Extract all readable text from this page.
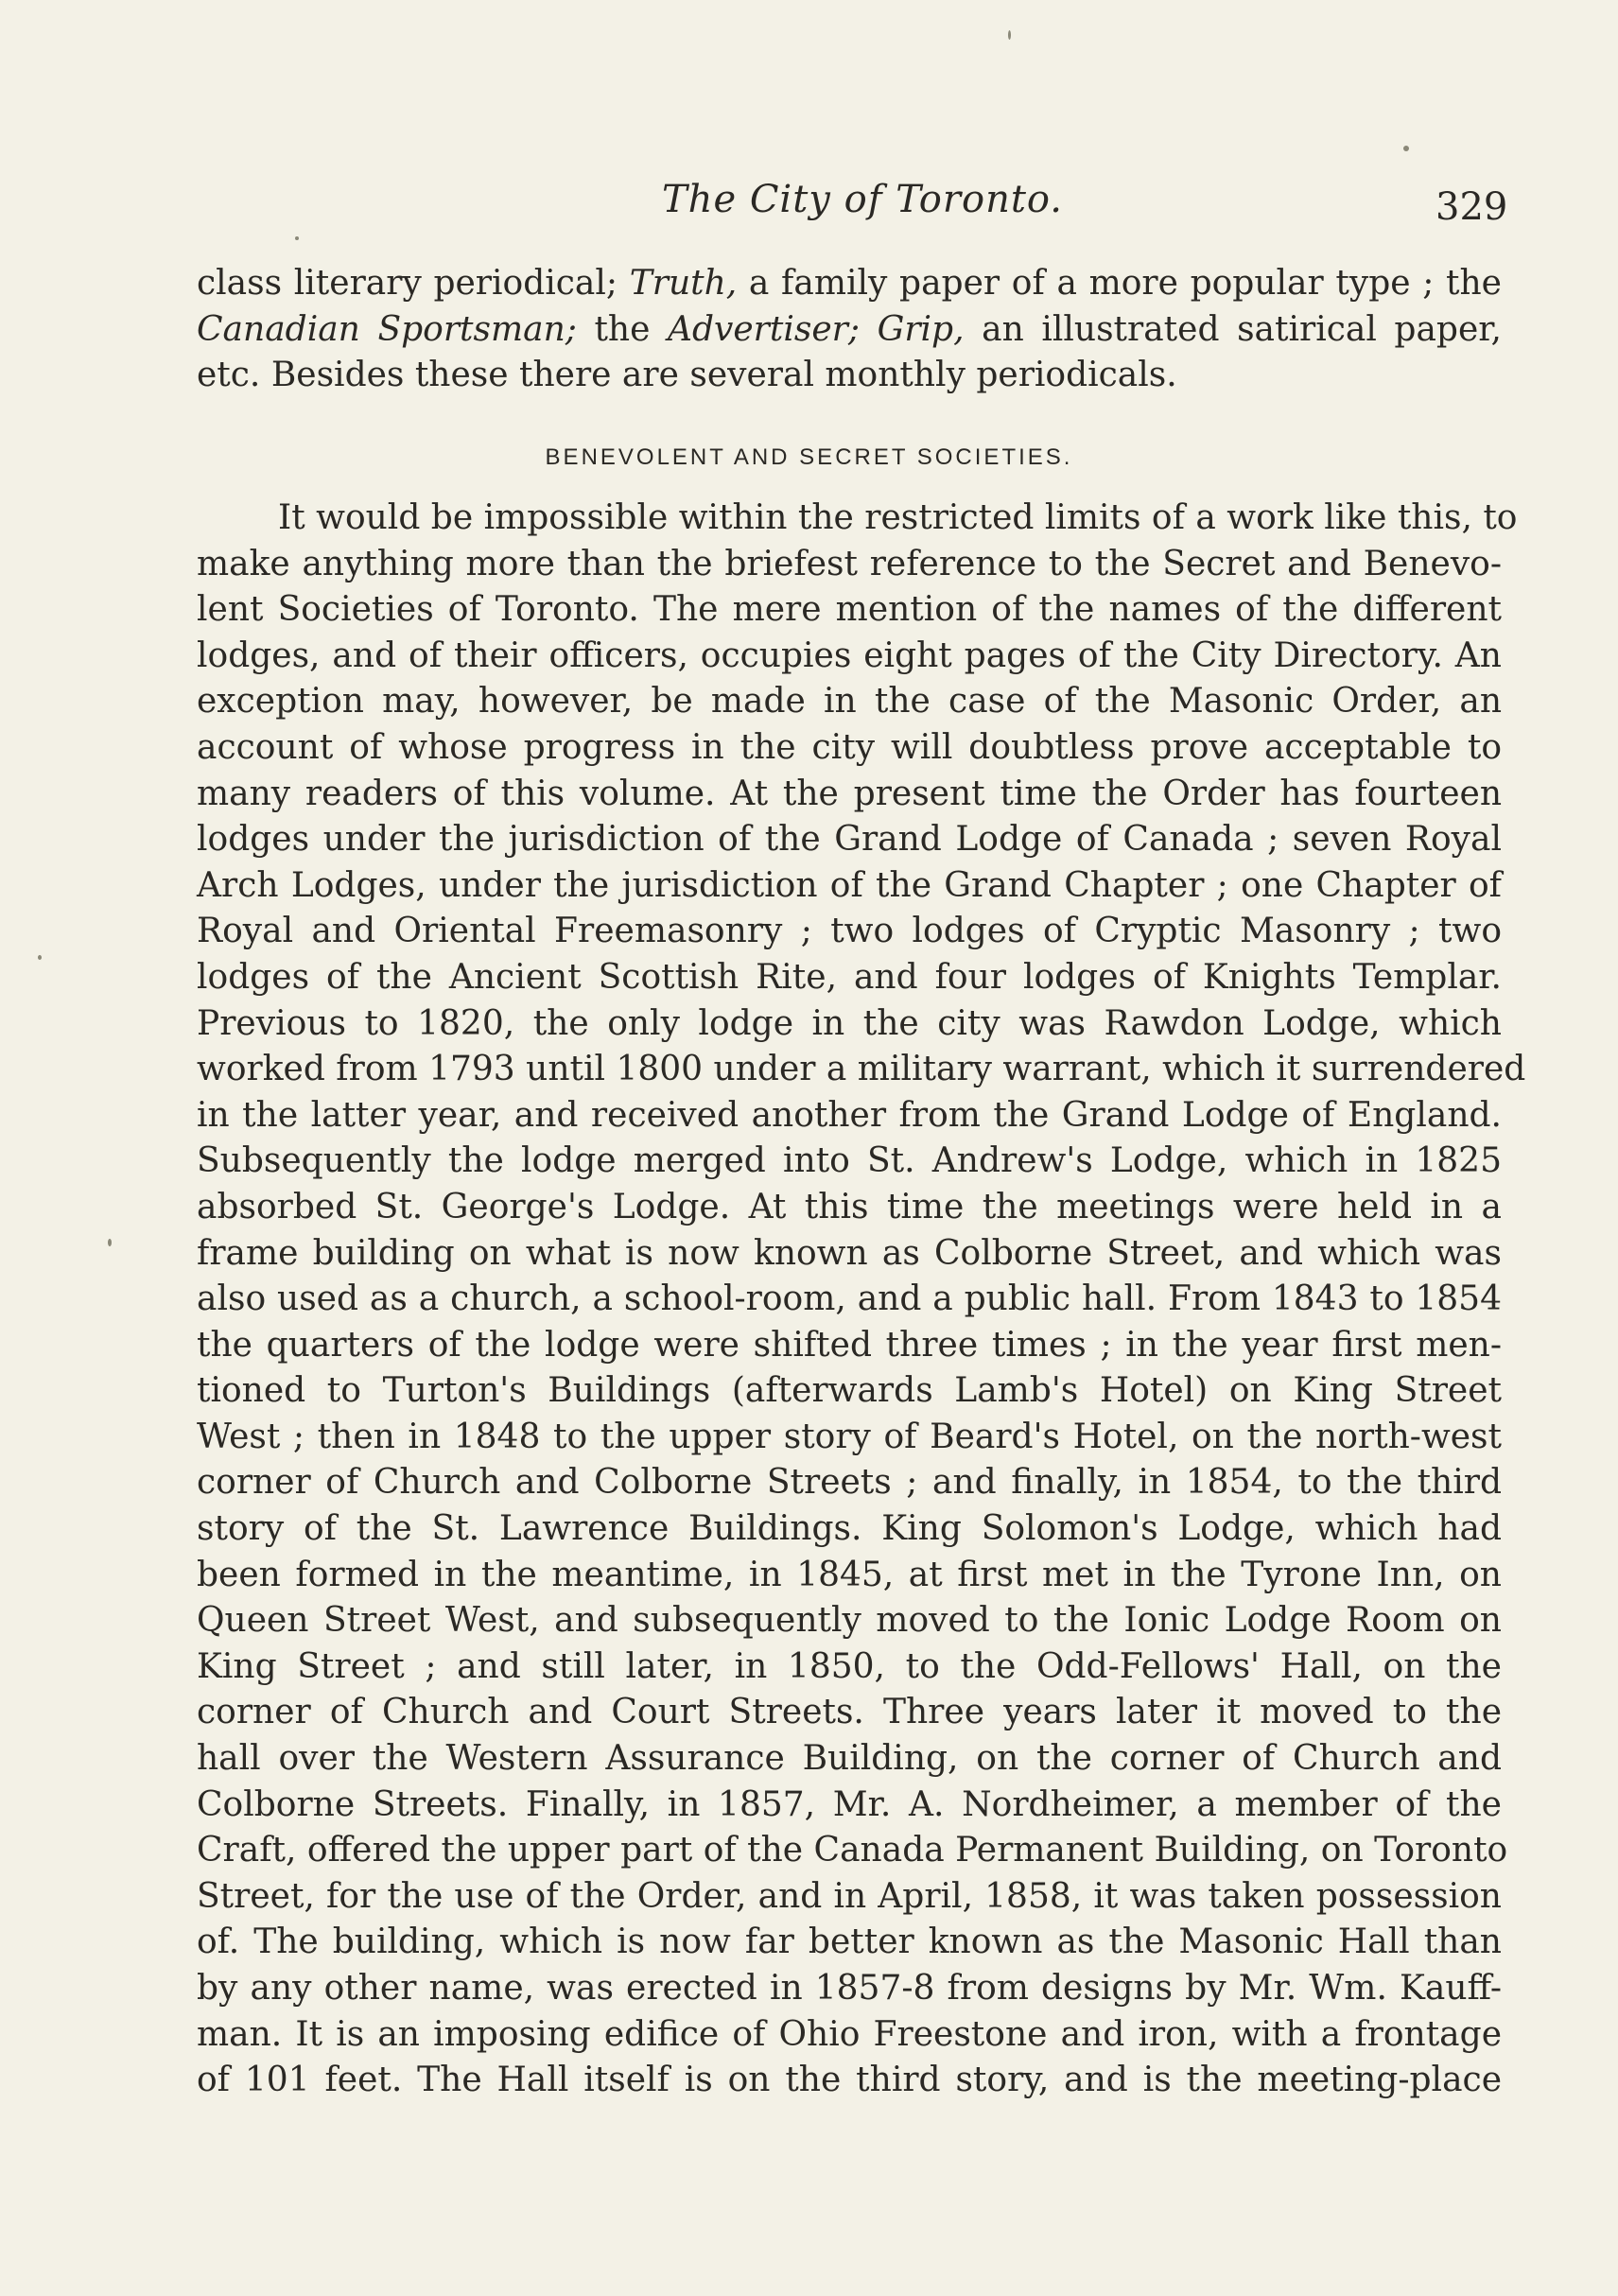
The City of Toronto.	329
class literary periodical; Truth, a family paper of a more popular type ; the
Canadian Sportsman; the Advertiser; Grip, an illustrated satirical paper,
etc. Besides these there are several monthly periodicals.
BENEVOLENT AND SECRET SOCIETIES.
It would be impossible within the restricted limits of a work like this, to
make anything more than the briefest reference to the Secret and Benevo-
lent Societies of Toronto. The mere mention of the names of the different
lodges, and of their officers, occupies eight pages of the City Directory. An
exception may, however, be made in the case of the Masonic Order, an
account of whose progress in the city will doubtless prove acceptable to
many readers of this volume. At the present time the Order has fourteen
lodges under the jurisdiction of the Grand Lodge of Canada ; seven Royal
Arch Lodges, under the jurisdiction of the Grand Chapter ; one Chapter of
Royal and Oriental Freemasonry ; two lodges of Cryptic Masonry ; two
lodges of the Ancient Scottish Rite, and four lodges of Knights Templar.
Previous to 1820, the only lodge in the city was Rawdon Lodge, which
worked from 1793 until 1800 under a military warrant, which it surrendered
in the latter year, and received another from the Grand Lodge of England.
Subsequently the lodge merged into St. Andrew's Lodge, which in 1825
absorbed St. George's Lodge. At this time the meetings were held in a
frame building on what is now known as Colborne Street, and which was
also used as a church, a school-room, and a public hall. From 1843 to 1854
the quarters of the lodge were shifted three times ; in the year first men-
tioned to Turton's Buildings (afterwards Lamb's Hotel) on King Street
West ; then in 1848 to the upper story of Beard's Hotel, on the north-west
corner of Church and Colborne Streets ; and finally, in 1854, to the third
story of the St. Lawrence Buildings. King Solomon's Lodge, which had
been formed in the meantime, in 1845, at first met in the Tyrone Inn, on
Queen Street West, and subsequently moved to the Ionic Lodge Room on
King Street ; and still later, in 1850, to the Odd-Fellows' Hall, on the
corner of Church and Court Streets. Three years later it moved to the
hall over the Western Assurance Building, on the corner of Church and
Colborne Streets. Finally, in 1857, Mr. A. Nordheimer, a member of the
Craft, offered the upper part of the Canada Permanent Building, on Toronto
Street, for the use of the Order, and in April, 1858, it was taken possession
of. The building, which is now far better known as the Masonic Hall than
by any other name, was erected in 1857-8 from designs by Mr. Wm. Kauff-
man. It is an imposing edifice of Ohio Freestone and iron, with a frontage
of 101 feet. The Hall itself is on the third story, and is the meeting-place
